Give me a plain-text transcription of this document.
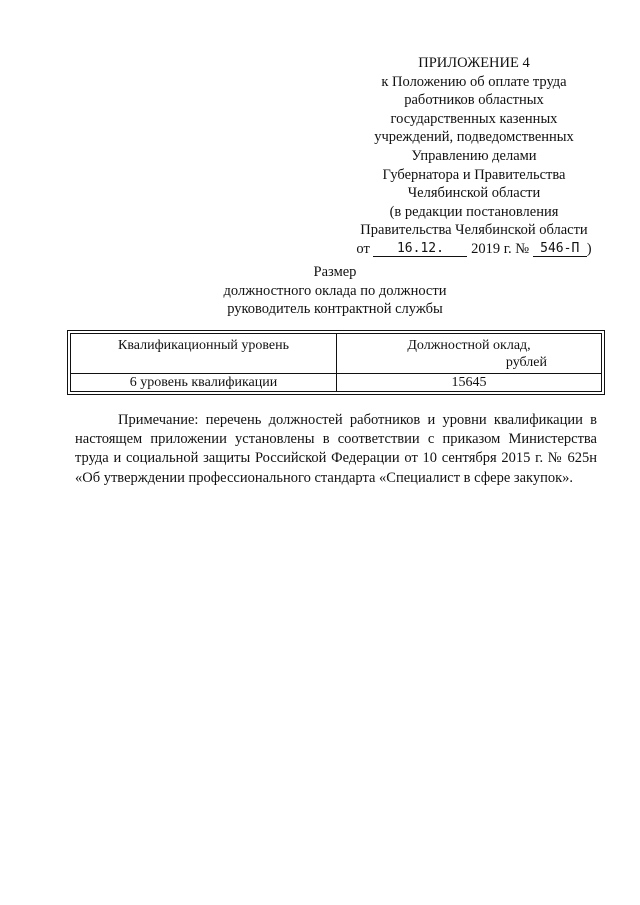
ПРИЛОЖЕНИЕ 4
к Положению об оплате труда
работников областных
государственных казенных
учреждений, подведомственных
Управлению делами
Губернатора и Правительства
Челябинской области
(в редакции постановления
Правительства Челябинской области
от 16.12. 2019 г. № 546-П )
Размер
должностного оклада по должности
руководитель контрактной службы
Квалификационный уровень	Должностной оклад,
рублей

6 уровень квалификации	15645
Примечание: перечень должностей работников и уровни квалификации в настоящем приложении установлены в соответствии с приказом Министерства труда и социальной защиты Российской Федерации от 10 сентября 2015 г. № 625н «Об утверждении профессионального стандарта «Специалист в сфере закупок».
